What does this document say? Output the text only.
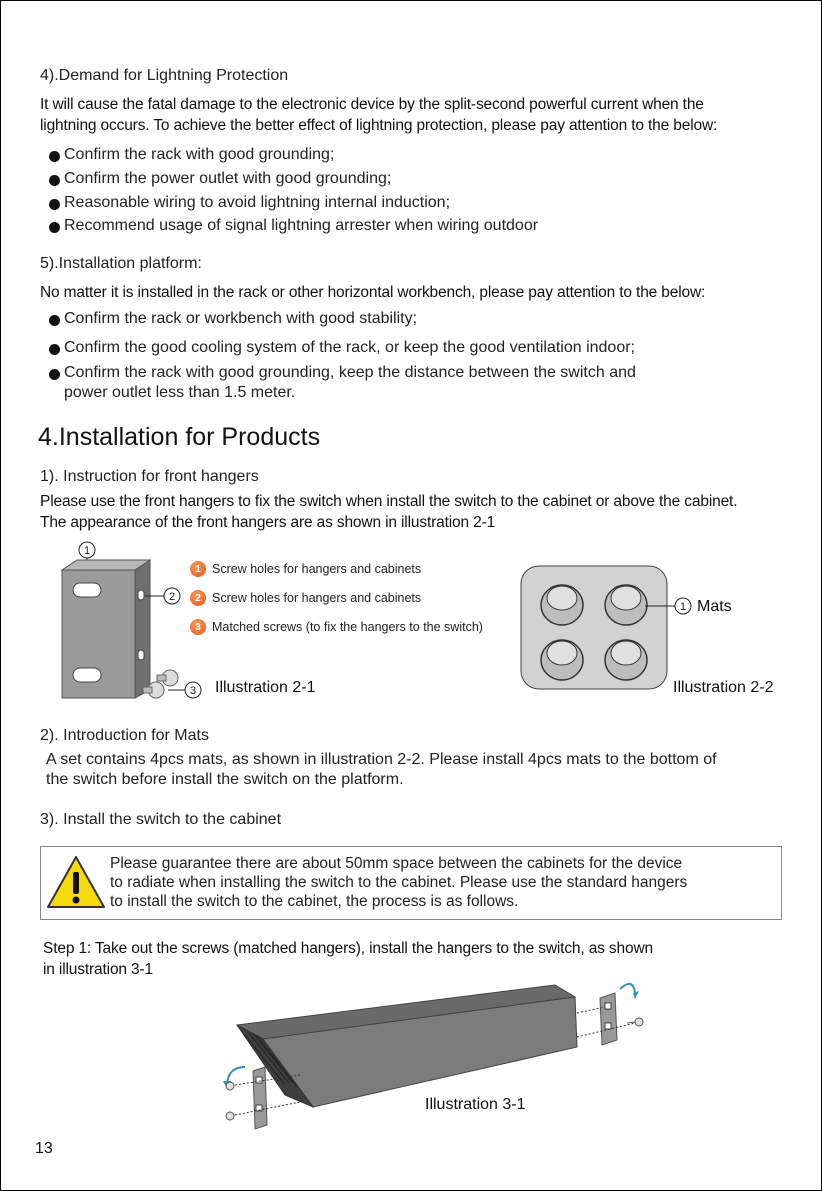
4).Demand for Lightning Protection
It will cause the fatal damage to the electronic device by the split-second powerful current when the
lightning occurs. To achieve the better effect of lightning protection, please pay attention to the below:
Confirm the rack with good grounding;
Confirm the power outlet with good grounding;
Reasonable wiring to avoid lightning internal induction;
Recommend usage of signal lightning arrester when wiring outdoor
5).Installation platform:
No matter it is installed in the rack or other horizontal workbench, please pay attention to the below:
Confirm the rack or workbench with good stability;
Confirm the good cooling system of the rack, or keep the good ventilation indoor;
Confirm the rack with good grounding, keep the distance between the switch and
power outlet less than 1.5 meter.
4.Installation for Products
1). Instruction for front hangers
Please use the front hangers to fix the switch when install the switch to the cabinet or above the cabinet.
The appearance of the front hangers are as shown in illustration 2-1
1
2
3
1 Screw holes for hangers and cabinets
2 Screw holes for hangers and cabinets
3 Matched screws (to fix the hangers to the switch)
Illustration 2-1
1 Mats
Illustration 2-2
2). Introduction for Mats
A set contains 4pcs mats, as shown in illustration 2-2. Please install 4pcs mats to the bottom of
the switch before install the switch on the platform.
3). Install the switch to the cabinet
Please guarantee there are about 50mm space between the cabinets for the device
to radiate when installing the switch to the cabinet. Please use the standard hangers
to install the switch to the cabinet, the process is as follows.
Step 1: Take out the screws (matched hangers), install the hangers to the switch, as shown
in illustration 3-1
Illustration 3-1
13
